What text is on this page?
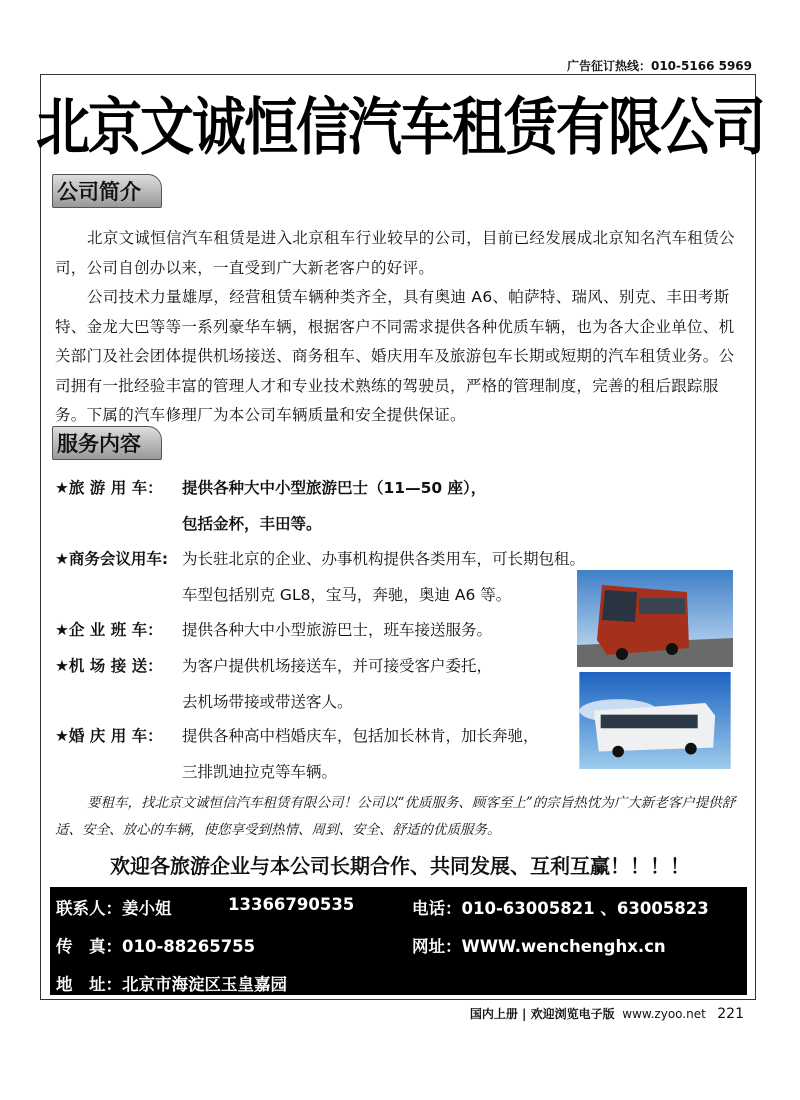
广告征订热线：010-5166 5969
北京文诚恒信汽车租赁有限公司
公司简介
北京文诚恒信汽车租赁是进入北京租车行业较早的公司，目前已经发展成北京知名汽车租赁公司，公司自创办以来，一直受到广大新老客户的好评。
公司技术力量雄厚，经营租赁车辆种类齐全，具有奥迪 A6、帕萨特、瑞风、别克、丰田考斯特、金龙大巴等等一系列豪华车辆，根据客户不同需求提供各种优质车辆，也为各大企业单位、机关部门及社会团体提供机场接送、商务租车、婚庆用车及旅游包车长期或短期的汽车租赁业务。公司拥有一批经验丰富的管理人才和专业技术熟练的驾驶员，严格的管理制度，完善的租后跟踪服务。下属的汽车修理厂为本公司车辆质量和安全提供保证。
服务内容
★旅 游 用 车：	提供各种大中小型旅游巴士（11—50 座），
包括金杯，丰田等。
★商务会议用车: 为长驻北京的企业、办事机构提供各类用车，可长期包租。
车型包括别克 GL8，宝马，奔驰，奥迪 A6 等。
★企 业 班 车：	提供各种大中小型旅游巴士，班车接送服务。
★机 场 接 送：	为客户提供机场接送车，并可接受客户委托，
去机场带接或带送客人。
★婚 庆 用 车：	提供各种高中档婚庆车，包括加长林肯，加长奔驰，
三排凯迪拉克等车辆。
要租车，找北京文诚恒信汽车租赁有限公司！公司以“优质服务、顾客至上”的宗旨热忱为广大新老客户提供舒适、安全、放心的车辆，使您享受到热情、周到、安全、舒适的优质服务。
欢迎各旅游企业与本公司长期合作、共同发展、互利互赢！！！！
联系人：姜小姐	13366790535	电话：010-63005821 、63005823
传　真：010-88265755	网址：WWW.wenchenghx.cn
地　址：北京市海淀区玉皇嘉园
国内上册 | 欢迎浏览电子版 www.zyoo.net 221
